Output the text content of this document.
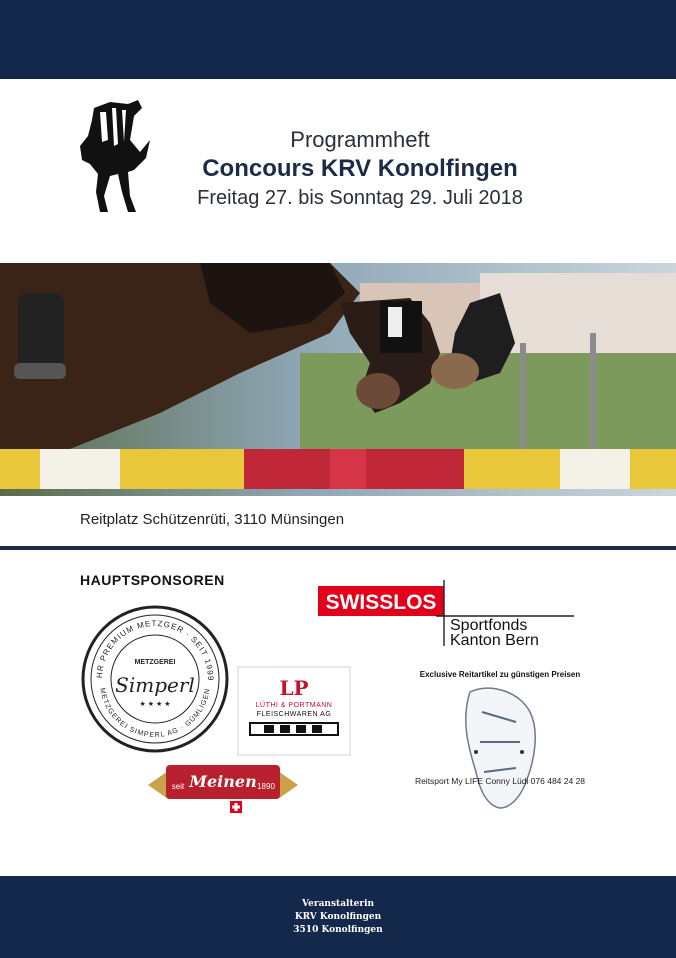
Programmheft
Concours KRV Konolfingen
Freitag 27. bis Sonntag 29. Juli 2018
Reitplatz Schützenrüti, 3110 Münsingen
HAUPTSPONSOREN
SWISSLOS
Sportfonds
Kanton Bern
HR PREMIUM METZGER · SEIT 1999
METZGEREI SIMPERL AG · GÜMLIGEN
METZGEREI
Simperl
★ ★ ★ ★
LP
LÜTHI & PORTMANN
FLEISCHWAREN AG
Exclusive Reitartikel zu günstigen Preisen
Reitsport My LIFE Conny Lüdi 076 484 24 28
seit Meinen 1890
Veranstalterin
KRV Konolfingen
3510 Konolfingen
